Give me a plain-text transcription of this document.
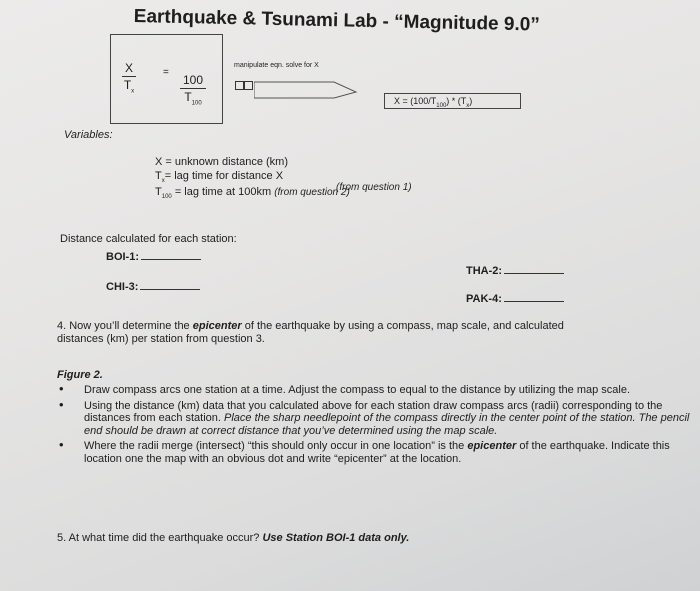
Earthquake & Tsunami Lab - “Magnitude 9.0”
$\frac{X}{T_x}$	=
$\frac{100}{T_{100}}$
manipulate eqn. solve for X
$X = (100/T_{100}) * (T_x)$
Variables:
X = unknown distance (km)
$T_x=$ lag time for distance X
(from question 1)
$T_{100}$ = lag time at 100km (from question 2)
Distance calculated for each station:
BOI-1:
CHI-3:
THA-2:
PAK-4:
4. Now you’ll determine the epicenter of the earthquake by using a compass, map scale, and calculated
distances (km) per station from question 3.
Figure 2.
• Draw compass arcs one station at a time. Adjust the compass to equal to the distance by utilizing the map scale.
• Using the distance (km) data that you calculated above for each station draw compass arcs (radii) corresponding to the distances from each station. Place the sharp needlepoint of the compass directly in the center point of the station. The pencil end should be drawn at correct distance that you’ve determined using the map scale.
• Where the radii merge (intersect) “this should only occur in one location” is the epicenter of the earthquake. Indicate this location one the map with an obvious dot and write “epicenter” at the location.
5. At what time did the earthquake occur? Use Station BOI-1 data only.
